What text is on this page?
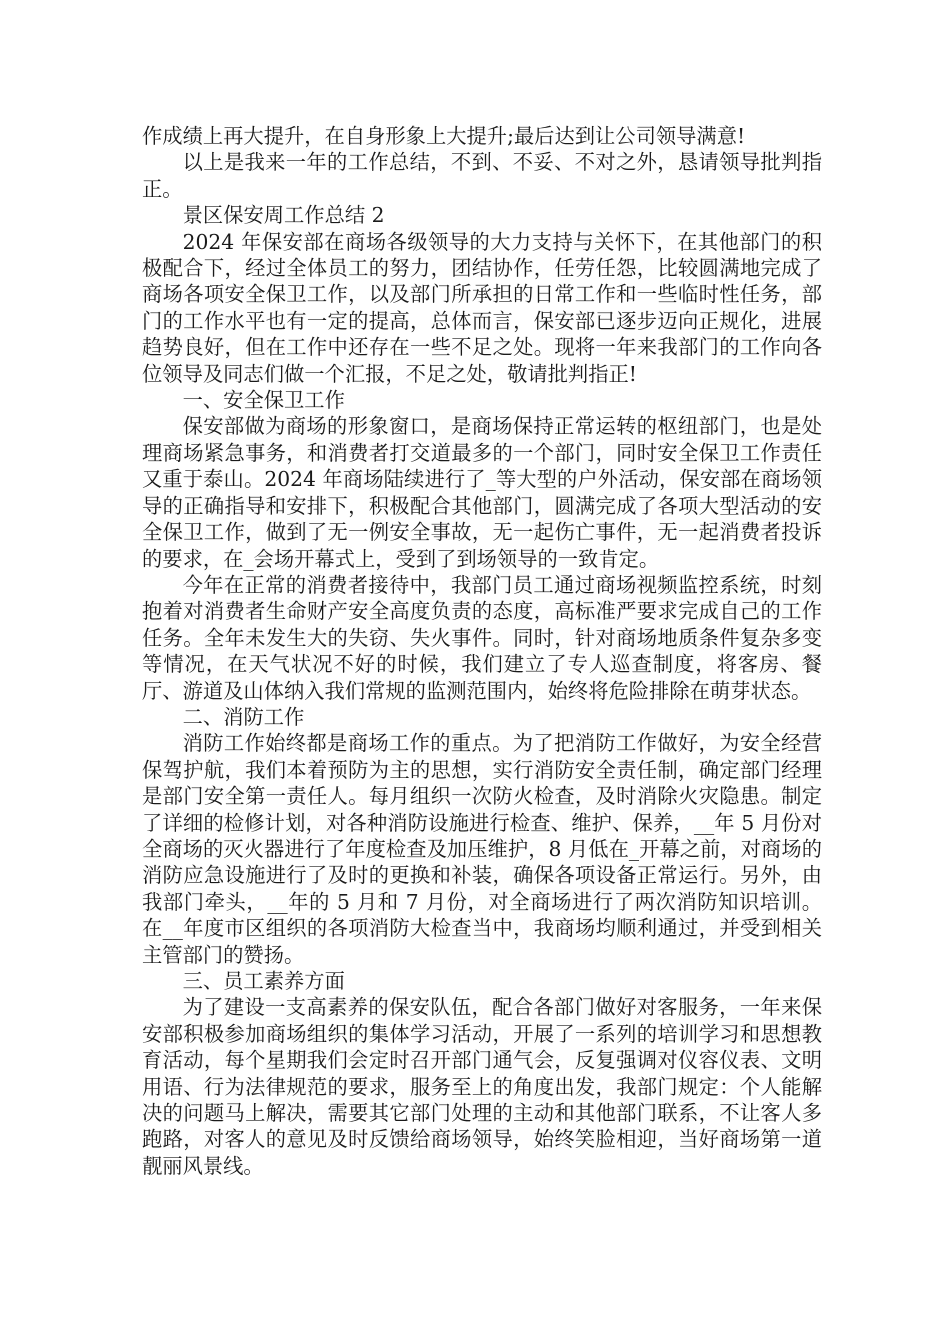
作成绩上再大提升，在自身形象上大提升;最后达到让公司领导满意!

以上是我来一年的工作总结，不到、不妥、不对之外，恳请领导批判指正。

景区保安周工作总结 2

2024 年保安部在商场各级领导的大力支持与关怀下，在其他部门的积极配合下，经过全体员工的努力，团结协作，任劳任怨，比较圆满地完成了商场各项安全保卫工作，以及部门所承担的日常工作和一些临时性任务，部门的工作水平也有一定的提高，总体而言，保安部已逐步迈向正规化，进展趋势良好，但在工作中还存在一些不足之处。现将一年来我部门的工作向各位领导及同志们做一个汇报，不足之处，敬请批判指正!

一、安全保卫工作

保安部做为商场的形象窗口，是商场保持正常运转的枢纽部门，也是处理商场紧急事务，和消费者打交道最多的一个部门，同时安全保卫工作责任又重于泰山。2024 年商场陆续进行了_等大型的户外活动，保安部在商场领导的正确指导和安排下，积极配合其他部门，圆满完成了各项大型活动的安全保卫工作，做到了无一例安全事故，无一起伤亡事件，无一起消费者投诉的要求，在_会场开幕式上，受到了到场领导的一致肯定。

今年在正常的消费者接待中，我部门员工通过商场视频监控系统，时刻抱着对消费者生命财产安全高度负责的态度，高标准严要求完成自己的工作任务。全年未发生大的失窃、失火事件。同时，针对商场地质条件复杂多变等情况，在天气状况不好的时候，我们建立了专人巡查制度，将客房、餐厅、游道及山体纳入我们常规的监测范围内，始终将危险排除在萌芽状态。

二、消防工作

消防工作始终都是商场工作的重点。为了把消防工作做好，为安全经营保驾护航，我们本着预防为主的思想，实行消防安全责任制，确定部门经理是部门安全第一责任人。每月组织一次防火检查，及时消除火灾隐患。制定了详细的检修计划，对各种消防设施进行检查、维护、保养，__年 5 月份对全商场的灭火器进行了年度检查及加压维护，8 月低在_开幕之前，对商场的消防应急设施进行了及时的更换和补装，确保各项设备正常运行。另外，由我部门牵头，__年的 5 月和 7 月份，对全商场进行了两次消防知识培训。在__年度市区组织的各项消防大检查当中，我商场均顺利通过，并受到相关主管部门的赞扬。

三、员工素养方面

为了建设一支高素养的保安队伍，配合各部门做好对客服务，一年来保安部积极参加商场组织的集体学习活动，开展了一系列的培训学习和思想教育活动，每个星期我们会定时召开部门通气会，反复强调对仪容仪表、文明用语、行为法律规范的要求，服务至上的角度出发，我部门规定：个人能解决的问题马上解决，需要其它部门处理的主动和其他部门联系，不让客人多跑路，对客人的意见及时反馈给商场领导，始终笑脸相迎，当好商场第一道靓丽风景线。
